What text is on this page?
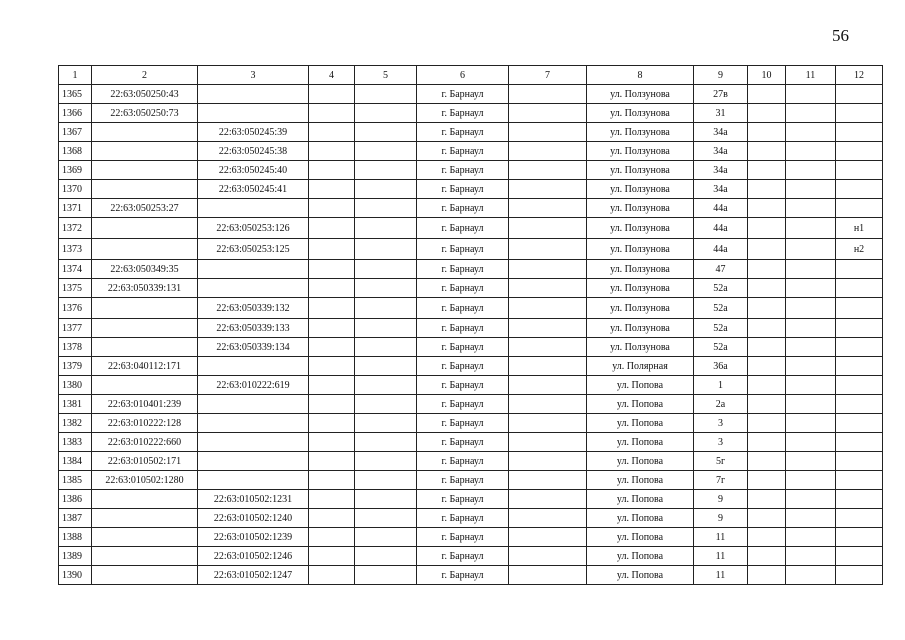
56
1	2	3	4	5	6	7	8	9	10	11	12
1365	22:63:050250:43				г. Барнаул		ул. Ползунова	27в			
1366	22:63:050250:73				г. Барнаул		ул. Ползунова	31			
1367		22:63:050245:39			г. Барнаул		ул. Ползунова	34а			
1368		22:63:050245:38			г. Барнаул		ул. Ползунова	34а			
1369		22:63:050245:40			г. Барнаул		ул. Ползунова	34а			
1370		22:63:050245:41			г. Барнаул		ул. Ползунова	34а			
1371	22:63:050253:27				г. Барнаул		ул. Ползунова	44а			
1372		22:63:050253:126			г. Барнаул		ул. Ползунова	44а			н1
1373		22:63:050253:125			г. Барнаул		ул. Ползунова	44а			н2
1374	22:63:050349:35				г. Барнаул		ул. Ползунова	47			
1375	22:63:050339:131				г. Барнаул		ул. Ползунова	52а			
1376		22:63:050339:132			г. Барнаул		ул. Ползунова	52а			
1377		22:63:050339:133			г. Барнаул		ул. Ползунова	52а			
1378		22:63:050339:134			г. Барнаул		ул. Ползунова	52а			
1379	22:63:040112:171				г. Барнаул		ул. Полярная	36а			
1380		22:63:010222:619			г. Барнаул		ул. Попова	1			
1381	22:63:010401:239				г. Барнаул		ул. Попова	2а			
1382	22:63:010222:128				г. Барнаул		ул. Попова	3			
1383	22:63:010222:660				г. Барнаул		ул. Попова	3			
1384	22:63:010502:171				г. Барнаул		ул. Попова	5г			
1385	22:63:010502:1280				г. Барнаул		ул. Попова	7г			
1386		22:63:010502:1231			г. Барнаул		ул. Попова	9			
1387		22:63:010502:1240			г. Барнаул		ул. Попова	9			
1388		22:63:010502:1239			г. Барнаул		ул. Попова	11			
1389		22:63:010502:1246			г. Барнаул		ул. Попова	11			
1390		22:63:010502:1247			г. Барнаул		ул. Попова	11			
